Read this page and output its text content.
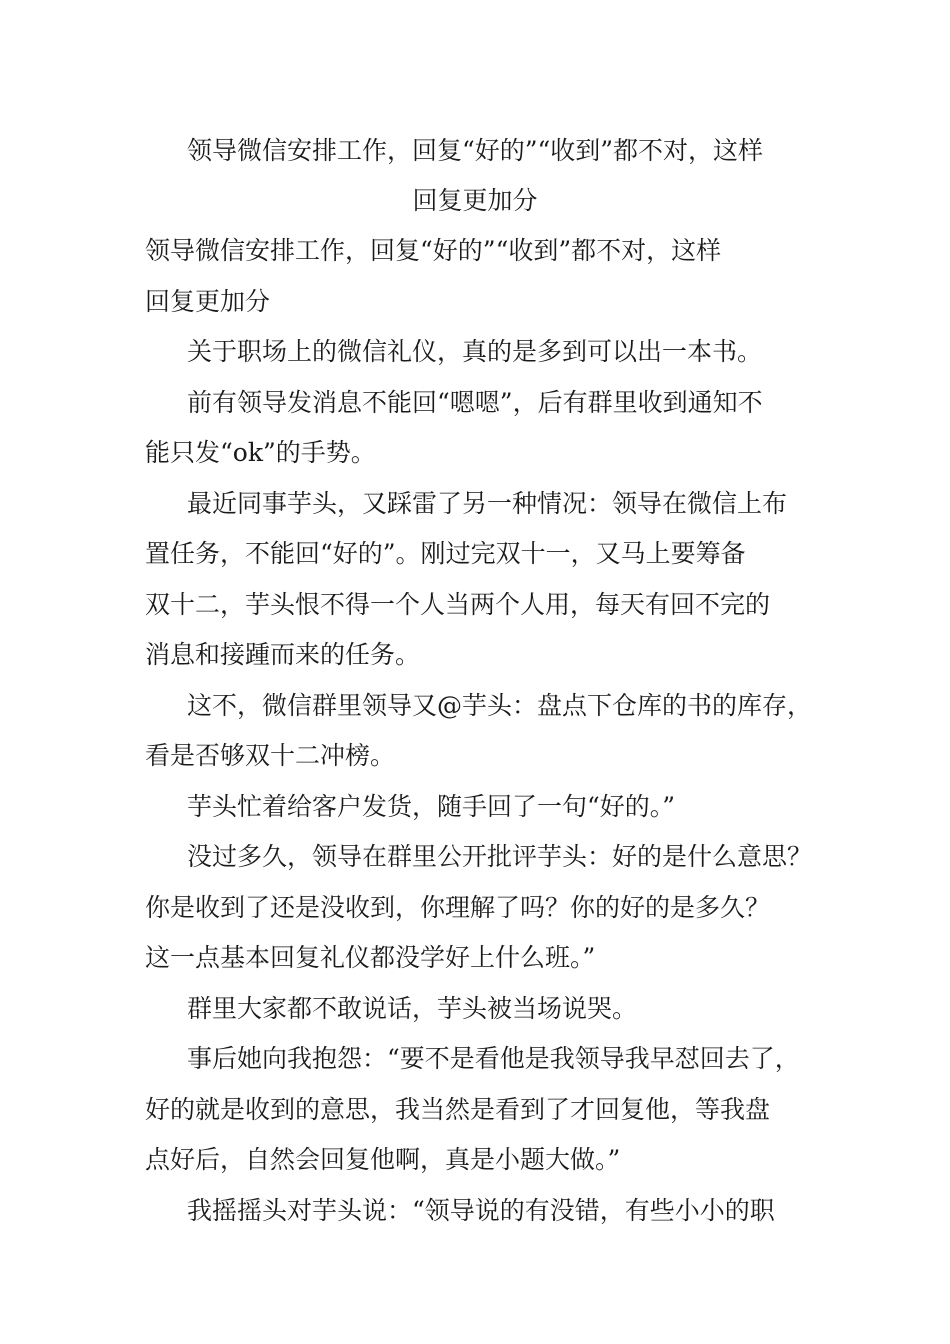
领导微信安排工作，回复“好的”“收到”都不对，这样
回复更加分
领导微信安排工作，回复“好的”“收到”都不对，这样
回复更加分
关于职场上的微信礼仪，真的是多到可以出一本书。
前有领导发消息不能回“嗯嗯”，后有群里收到通知不
能只发“ok”的手势。
最近同事芋头，又踩雷了另一种情况：领导在微信上布
置任务，不能回“好的”。刚过完双十一，又马上要筹备
双十二，芋头恨不得一个人当两个人用，每天有回不完的
消息和接踵而来的任务。
这不，微信群里领导又@芋头：盘点下仓库的书的库存，
看是否够双十二冲榜。
芋头忙着给客户发货，随手回了一句“好的。”
没过多久，领导在群里公开批评芋头：好的是什么意思？
你是收到了还是没收到，你理解了吗？你的好的是多久？
这一点基本回复礼仪都没学好上什么班。”
群里大家都不敢说话，芋头被当场说哭。
事后她向我抱怨：“要不是看他是我领导我早怼回去了，
好的就是收到的意思，我当然是看到了才回复他，等我盘
点好后，自然会回复他啊，真是小题大做。”
我摇摇头对芋头说：“领导说的有没错，有些小小的职
